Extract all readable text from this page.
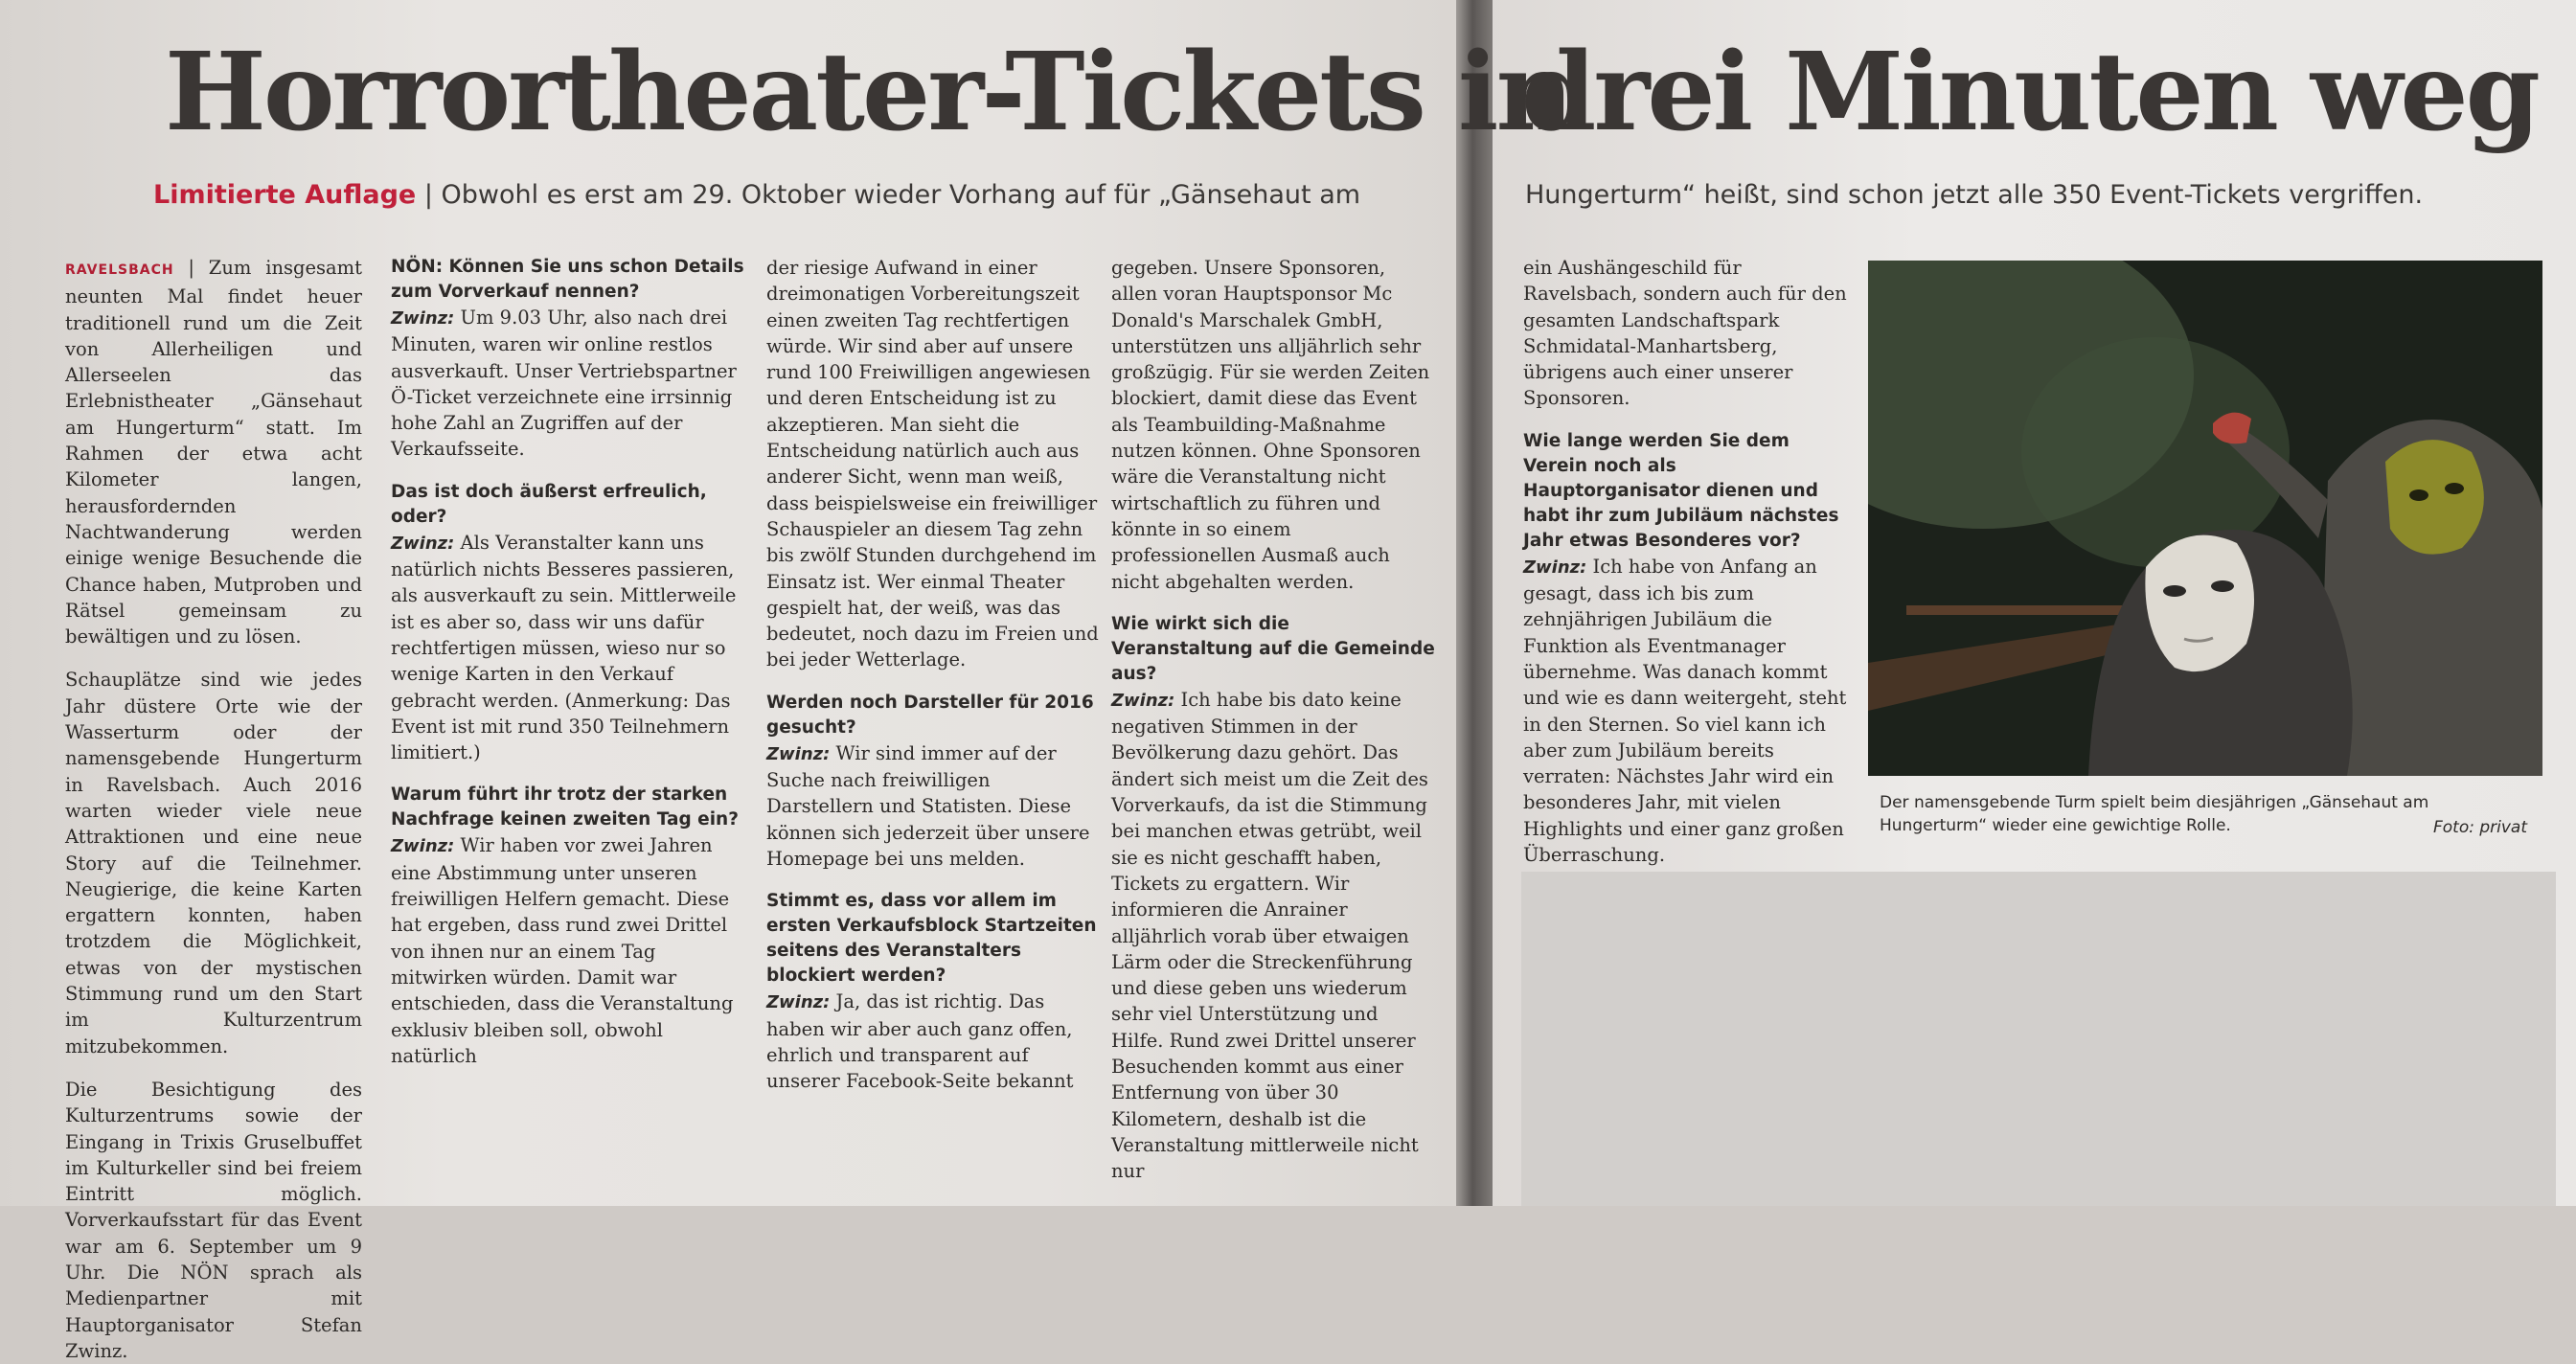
Horrortheater-Tickets in
drei Minuten weg
Limitierte Auflage | Obwohl es erst am 29. Oktober wieder Vorhang auf für „Gänsehaut am	Hungerturm“ heißt, sind schon jetzt alle 350 Event-Tickets vergriffen.

RAVELSBACH | Zum insgesamt neunten Mal findet heuer traditionell rund um die Zeit von Allerheiligen und Allerseelen das Erlebnistheater „Gänsehaut am Hungerturm“ statt. Im Rahmen der etwa acht Kilometer langen, herausfordernden Nachtwanderung werden einige wenige Besuchende die Chance haben, Mutproben und Rätsel gemeinsam zu bewältigen und zu lösen.

Schauplätze sind wie jedes Jahr düstere Orte wie der Wasserturm oder der namensgebende Hungerturm in Ravelsbach. Auch 2016 warten wieder viele neue Attraktionen und eine neue Story auf die Teilnehmer. Neugierige, die keine Karten ergattern konnten, haben trotzdem die Möglichkeit, etwas von der mystischen Stimmung rund um den Start im Kulturzentrum mitzubekommen.

Die Besichtigung des Kulturzentrums sowie der Eingang in Trixis Gruselbuffet im Kulturkeller sind bei freiem Eintritt möglich. Vorverkaufsstart für das Event war am 6. September um 9 Uhr. Die NÖN sprach als Medienpartner mit Hauptorganisator Stefan Zwinz.

NÖN: Können Sie uns schon Details zum Vorverkauf nennen?

Zwinz: Um 9.03 Uhr, also nach drei Minuten, waren wir online restlos ausverkauft. Unser Vertriebspartner Ö-Ticket verzeichnete eine irrsinnig hohe Zahl an Zugriffen auf der Verkaufsseite.

Das ist doch äußerst erfreulich, oder?

Zwinz: Als Veranstalter kann uns natürlich nichts Besseres passieren, als ausverkauft zu sein. Mittlerweile ist es aber so, dass wir uns dafür rechtfertigen müssen, wieso nur so wenige Karten in den Verkauf gebracht werden. (Anmerkung: Das Event ist mit rund 350 Teilnehmern limitiert.)

Warum führt ihr trotz der starken Nachfrage keinen zweiten Tag ein?

Zwinz: Wir haben vor zwei Jahren eine Abstimmung unter unseren freiwilligen Helfern gemacht. Diese hat ergeben, dass rund zwei Drittel von ihnen nur an einem Tag mitwirken würden. Damit war entschieden, dass die Veranstaltung exklusiv bleiben soll, obwohl natürlich

der riesige Aufwand in einer dreimonatigen Vorbereitungszeit einen zweiten Tag rechtfertigen würde. Wir sind aber auf unsere rund 100 Freiwilligen angewiesen und deren Entscheidung ist zu akzeptieren. Man sieht die Entscheidung natürlich auch aus anderer Sicht, wenn man weiß, dass beispielsweise ein freiwilliger Schauspieler an diesem Tag zehn bis zwölf Stunden durchgehend im Einsatz ist. Wer einmal Theater gespielt hat, der weiß, was das bedeutet, noch dazu im Freien und bei jeder Wetterlage.

Werden noch Darsteller für 2016 gesucht?

Zwinz: Wir sind immer auf der Suche nach freiwilligen Darstellern und Statisten. Diese können sich jederzeit über unsere Homepage bei uns melden.

Stimmt es, dass vor allem im ersten Verkaufsblock Startzeiten seitens des Veranstalters blockiert werden?

Zwinz: Ja, das ist richtig. Das haben wir aber auch ganz offen, ehrlich und transparent auf unserer Facebook-Seite bekannt

gegeben. Unsere Sponsoren, allen voran Hauptsponsor Mc Donald's Marschalek GmbH, unterstützen uns alljährlich sehr großzügig. Für sie werden Zeiten blockiert, damit diese das Event als Teambuilding-Maßnahme nutzen können. Ohne Sponsoren wäre die Veranstaltung nicht wirtschaftlich zu führen und könnte in so einem professionellen Ausmaß auch nicht abgehalten werden.

Wie wirkt sich die Veranstaltung auf die Gemeinde aus?

Zwinz: Ich habe bis dato keine negativen Stimmen in der Bevölkerung dazu gehört. Das ändert sich meist um die Zeit des Vorverkaufs, da ist die Stimmung bei manchen etwas getrübt, weil sie es nicht geschafft haben, Tickets zu ergattern. Wir informieren die Anrainer alljährlich vorab über etwaigen Lärm oder die Streckenführung und diese geben uns wiederum sehr viel Unterstützung und Hilfe. Rund zwei Drittel unserer Besuchenden kommt aus einer Entfernung von über 30 Kilometern, deshalb ist die Veranstaltung mittlerweile nicht nur

ein Aushängeschild für Ravelsbach, sondern auch für den gesamten Landschaftspark Schmidatal-Manhartsberg, übrigens auch einer unserer Sponsoren.

Wie lange werden Sie dem Verein noch als Hauptorganisator dienen und habt ihr zum Jubiläum nächstes Jahr etwas Besonderes vor?

Zwinz: Ich habe von Anfang an gesagt, dass ich bis zum zehnjährigen Jubiläum die Funktion als Eventmanager übernehme. Was danach kommt und wie es dann weitergeht, steht in den Sternen. So viel kann ich aber zum Jubiläum bereits verraten: Nächstes Jahr wird ein besonderes Jahr, mit vielen Highlights und einer ganz großen Überraschung.

Der namensgebende Turm spielt beim diesjährigen „Gänsehaut am Hungerturm“ wieder eine gewichtige Rolle.	Foto: privat
